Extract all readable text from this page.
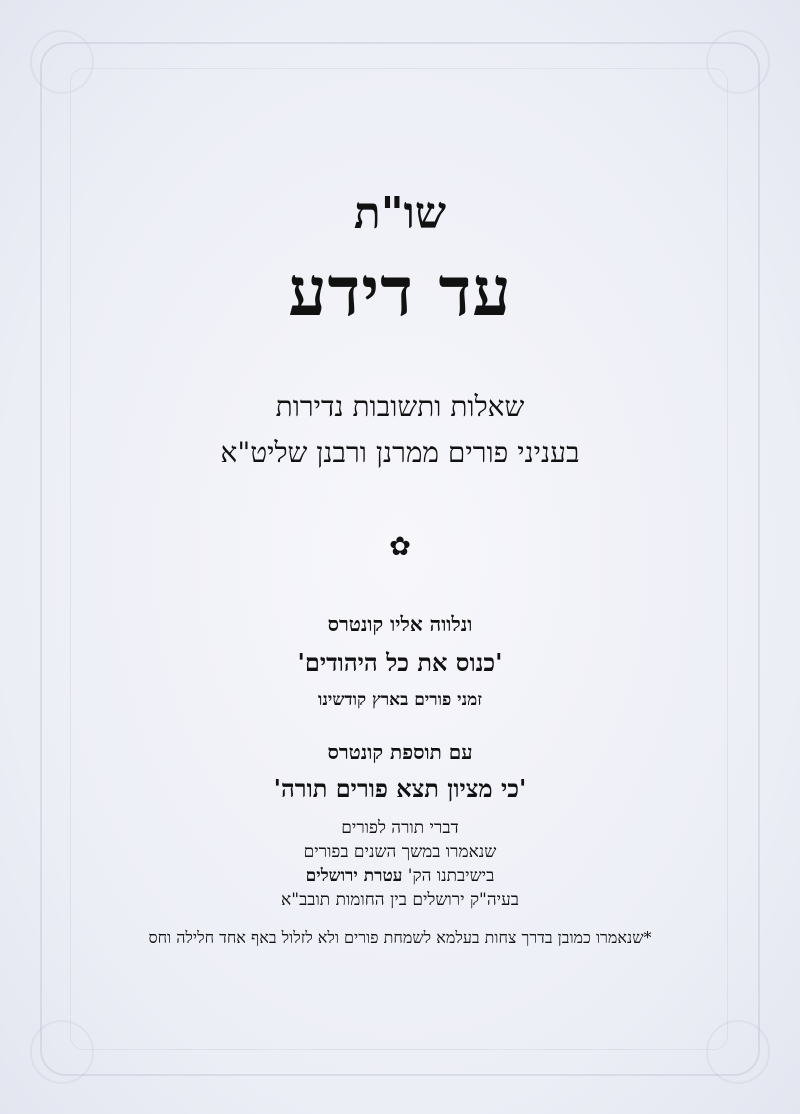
שו"ת
עד דידע
שאלות ותשובות נדירות
בעניני פורים ממרנן ורבנן שליט"א
✿
ונלווה אליו קונטרס
'כנוס את כל היהודים'
זמני פורים בארץ קודשינו
עם תוספת קונטרס
'כי מציון תצא פורים תורה'
דברי תורה לפורים
שנאמרו במשך השנים בפורים
בישיבתנו הק' עטרת ירושלים
בעיה"ק ירושלים בין החומות תובב"א
*שנאמרו כמובן בדרך צחות בעלמא לשמחת פורים ולא לזלול באף אחד חלילה וחס
